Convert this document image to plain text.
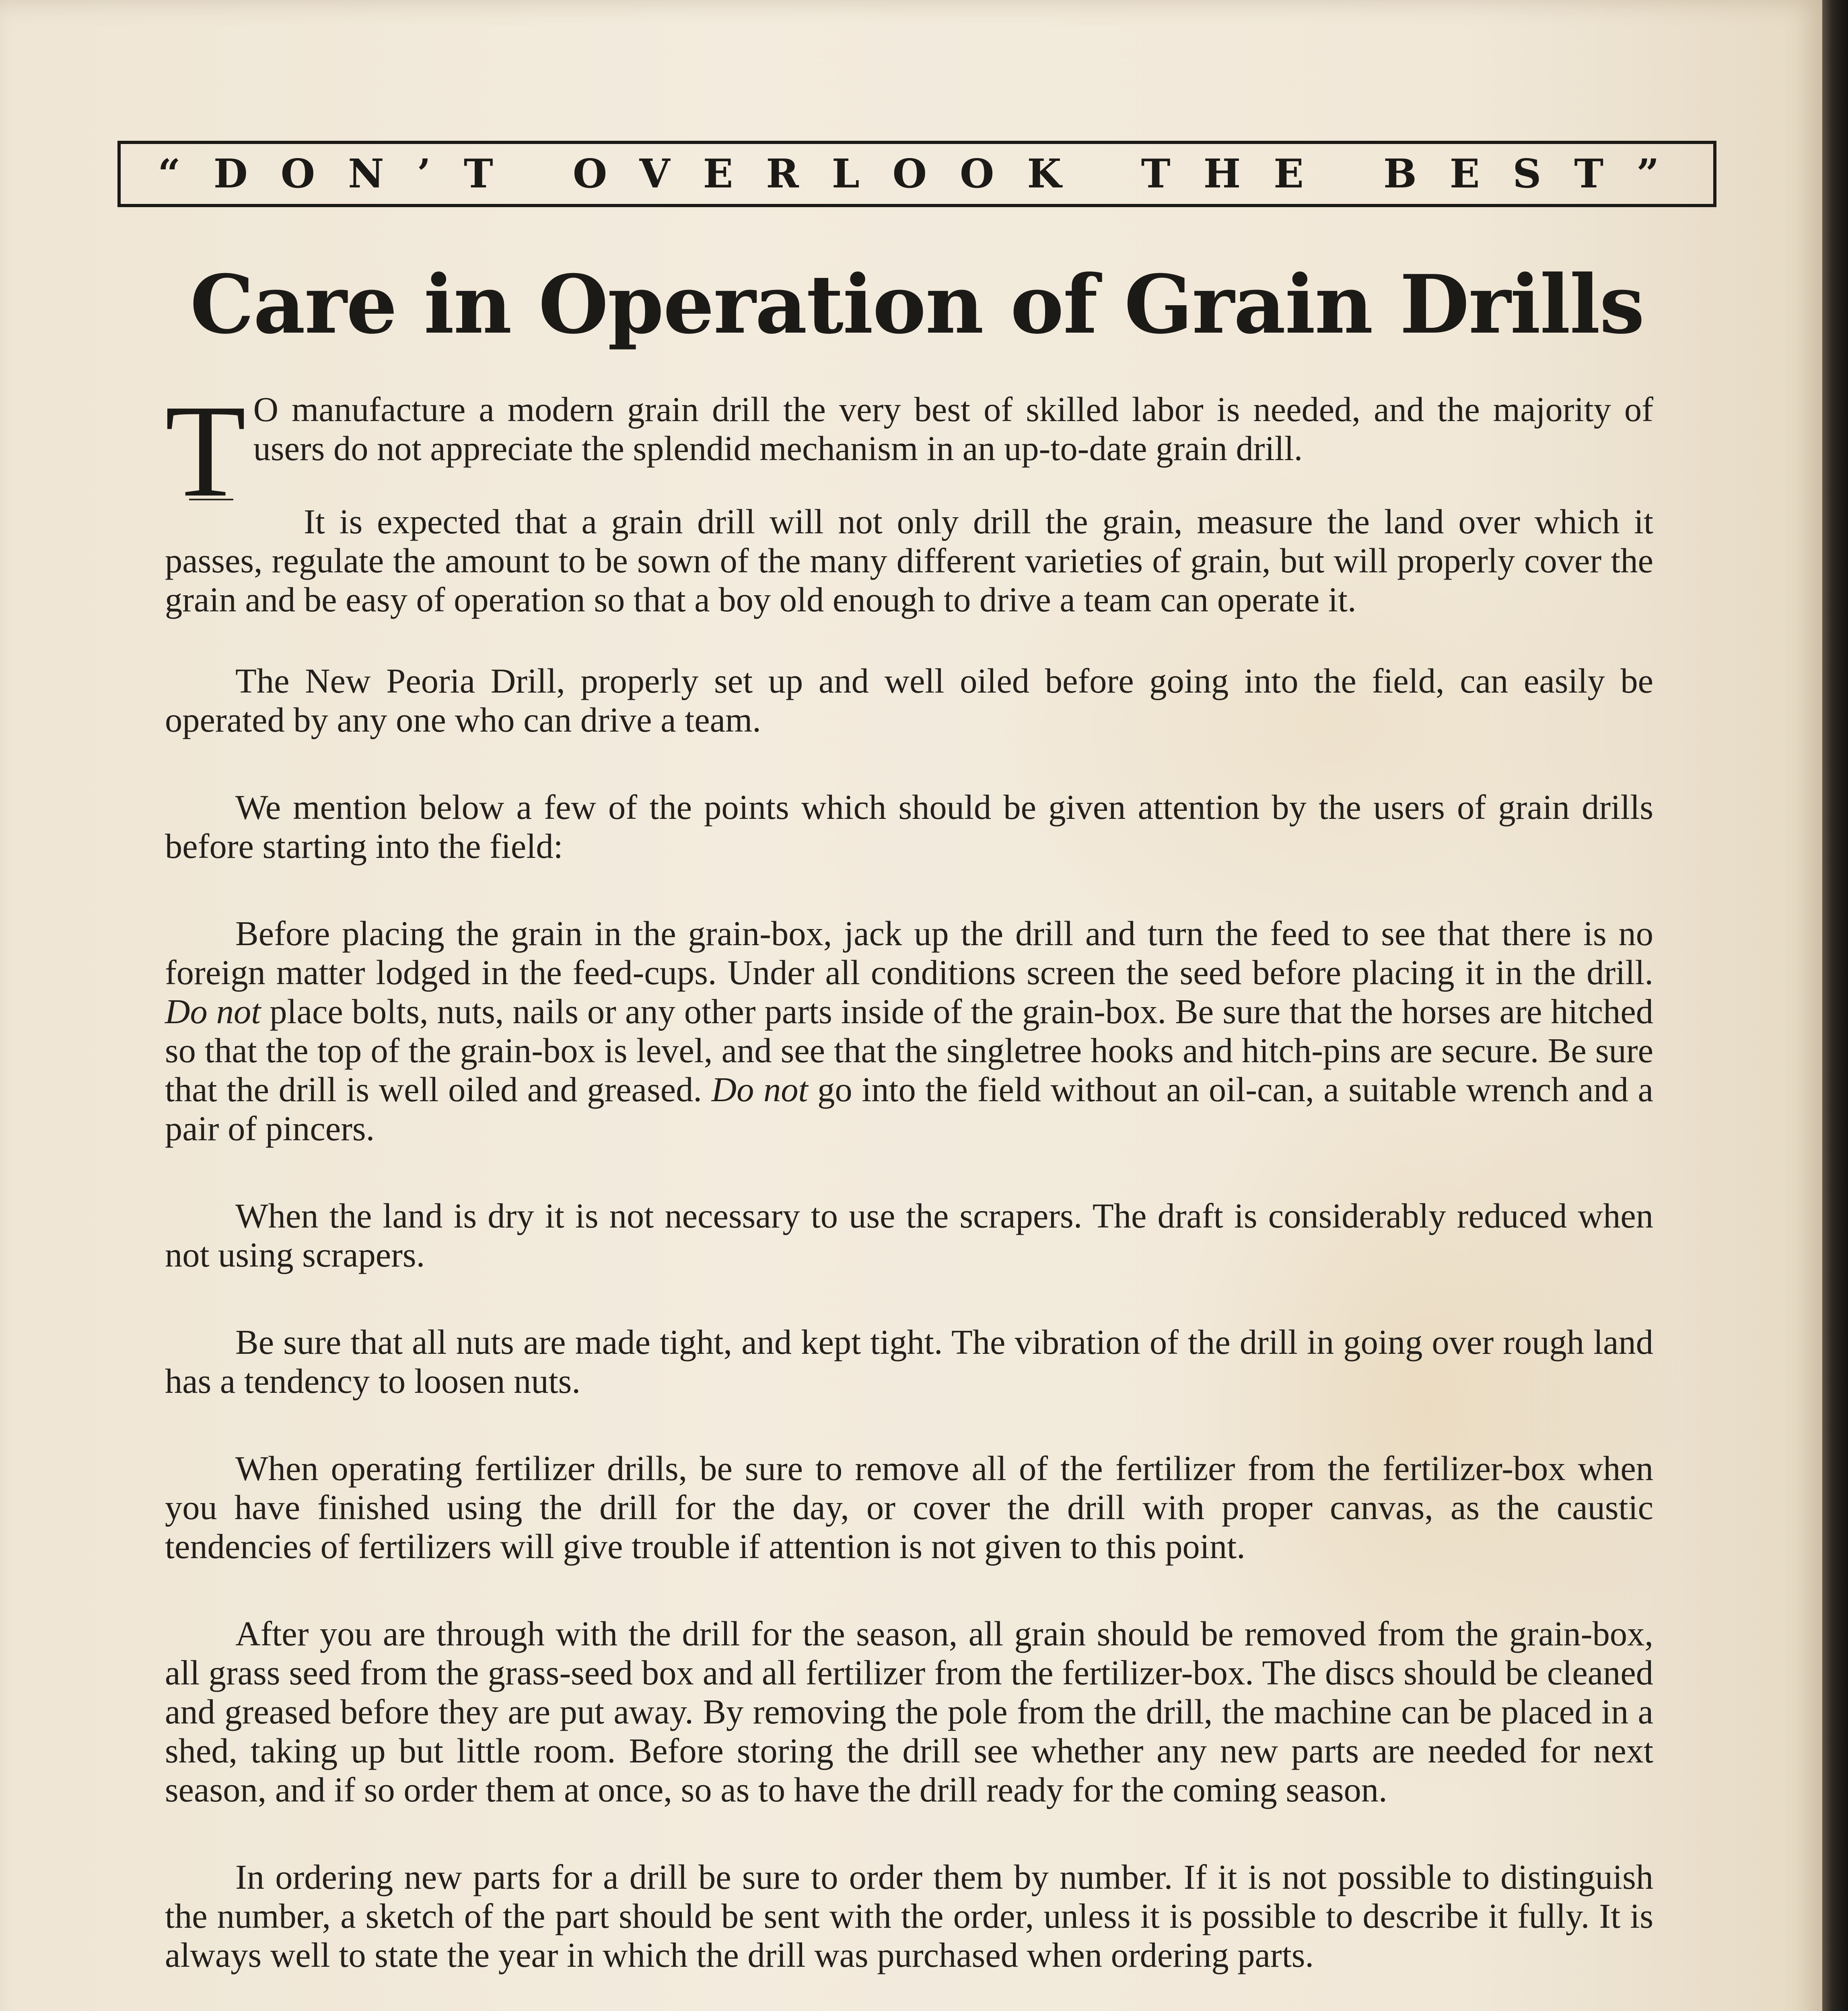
“DON’T OVERLOOK THE BEST”
Care in Operation of Grain Drills

T O manufacture a modern grain drill the very best of skilled labor is needed, and the majority of users do not appreciate the splendid mechanism in an up-to-date grain drill.

It is expected that a grain drill will not only drill the grain, measure the land over which it passes, regulate the amount to be sown of the many different varieties of grain, but will properly cover the grain and be easy of operation so that a boy old enough to drive a team can operate it.

The New Peoria Drill, properly set up and well oiled before going into the field, can easily be operated by any one who can drive a team.

We mention below a few of the points which should be given attention by the users of grain drills before starting into the field:

Before placing the grain in the grain-box, jack up the drill and turn the feed to see that there is no foreign matter lodged in the feed-cups. Under all conditions screen the seed before placing it in the drill. Do not place bolts, nuts, nails or any other parts inside of the grain-box. Be sure that the horses are hitched so that the top of the grain-box is level, and see that the singletree hooks and hitch-pins are secure. Be sure that the drill is well oiled and greased. Do not go into the field without an oil-can, a suitable wrench and a pair of pincers.

When the land is dry it is not necessary to use the scrapers. The draft is considerably reduced when not using scrapers.

Be sure that all nuts are made tight, and kept tight. The vibration of the drill in going over rough land has a tendency to loosen nuts.

When operating fertilizer drills, be sure to remove all of the fertilizer from the fertilizer-box when you have finished using the drill for the day, or cover the drill with proper canvas, as the caustic tendencies of fertilizers will give trouble if attention is not given to this point.

After you are through with the drill for the season, all grain should be removed from the grain-box, all grass seed from the grass-seed box and all fertilizer from the fertilizer-box. The discs should be cleaned and greased before they are put away. By removing the pole from the drill, the machine can be placed in a shed, taking up but little room. Before storing the drill see whether any new parts are needed for next season, and if so order them at once, so as to have the drill ready for the coming season.

In ordering new parts for a drill be sure to order them by number. If it is not possible to distinguish the number, a sketch of the part should be sent with the order, unless it is possible to describe it fully. It is always well to state the year in which the drill was purchased when ordering parts.
